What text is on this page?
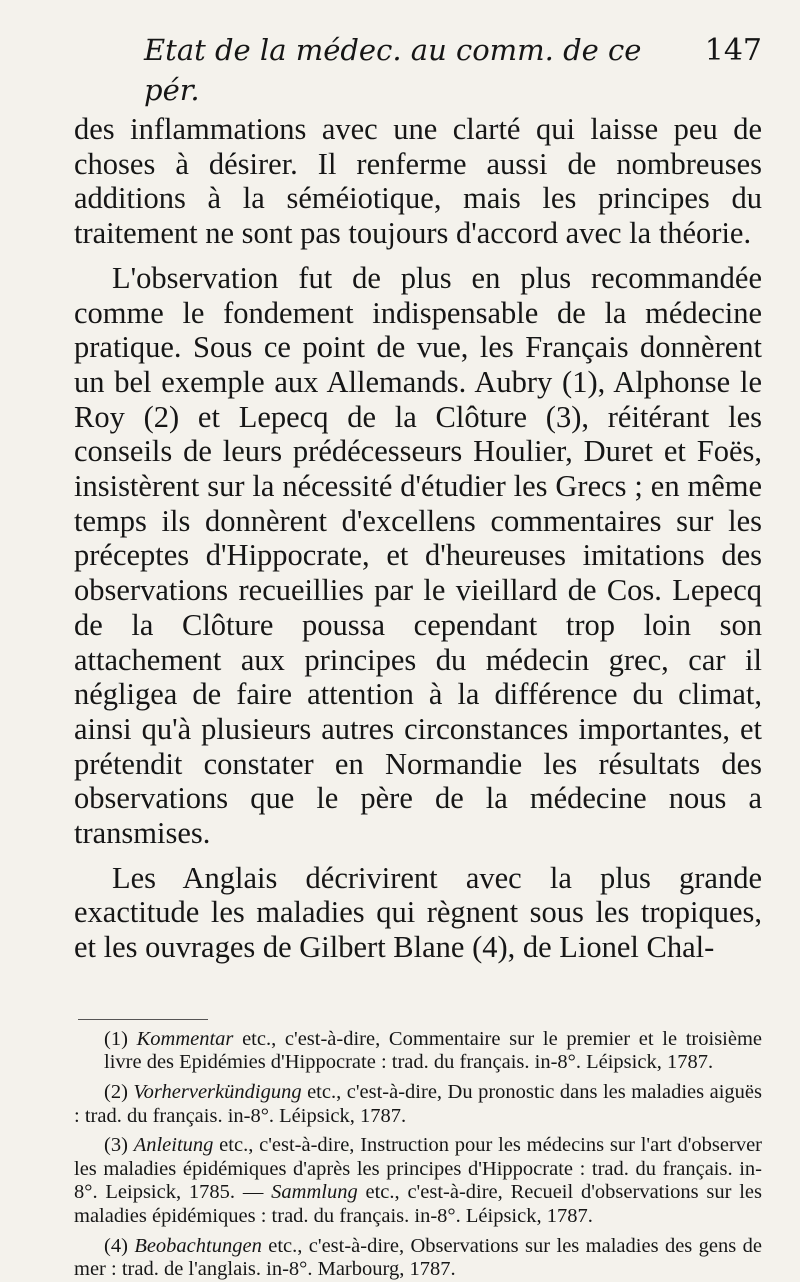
Etat de la médec. au comm. de ce pér.
147

des inflammations avec une clarté qui laisse peu de choses à désirer. Il renferme aussi de nombreuses additions à la séméiotique, mais les principes du traitement ne sont pas toujours d'accord avec la théorie.

L'observation fut de plus en plus recommandée comme le fondement indispensable de la médecine pratique. Sous ce point de vue, les Français donnèrent un bel exemple aux Allemands. Aubry (1), Alphonse le Roy (2) et Lepecq de la Clôture (3), réitérant les conseils de leurs prédécesseurs Houlier, Duret et Foës, insistèrent sur la nécessité d'étudier les Grecs ; en même temps ils donnèrent d'excellens commentaires sur les préceptes d'Hippocrate, et d'heureuses imitations des observations recueillies par le vieillard de Cos. Lepecq de la Clôture poussa cependant trop loin son attachement aux principes du médecin grec, car il négligea de faire attention à la différence du climat, ainsi qu'à plusieurs autres circonstances importantes, et prétendit constater en Normandie les résultats des observations que le père de la médecine nous a transmises.

Les Anglais décrivirent avec la plus grande exactitude les maladies qui règnent sous les tropiques, et les ouvrages de Gilbert Blane (4), de Lionel Chal-

(1) Kommentar etc., c'est-à-dire, Commentaire sur le premier et le troisième livre des Epidémies d'Hippocrate : trad. du français. in-8°. Léipsick, 1787.

(2) Vorherverkündigung etc., c'est-à-dire, Du pronostic dans les maladies aiguës : trad. du français. in-8°. Léipsick, 1787.

(3) Anleitung etc., c'est-à-dire, Instruction pour les médecins sur l'art d'observer les maladies épidémiques d'après les principes d'Hippocrate : trad. du français. in-8°. Leipsick, 1785. — Sammlung etc., c'est-à-dire, Recueil d'observations sur les maladies épidémiques : trad. du français. in-8°. Léipsick, 1787.

(4) Beobachtungen etc., c'est-à-dire, Observations sur les maladies des gens de mer : trad. de l'anglais. in-8°. Marbourg, 1787.
